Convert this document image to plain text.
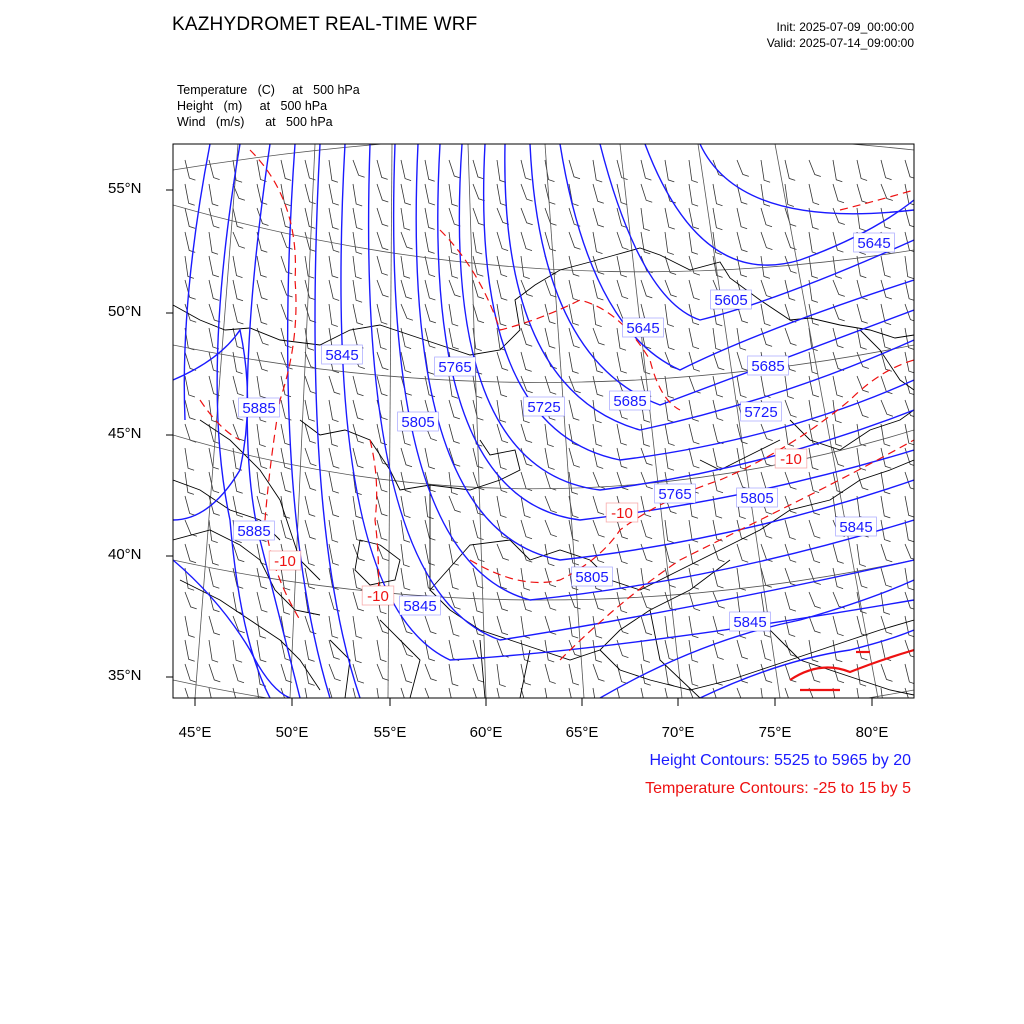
KAZHYDROMET REAL-TIME WRF	Init: 2025-07-09_00:00:00
Valid: 2025-07-14_09:00:00
Temperature   (C)     at   500 hPa
Height   (m)     at   500 hPa
Wind   (m/s)      at   500 hPa
5645
5605
5645
5845
5765	5685
5885
5805
5725	5685
5725
5765	5805
5885	5845
5805
5845
5845
-10
-10
-10
-10
55°N
50°N
45°N
40°N
35°N
45°E	50°E	55°E	60°E	65°E	70°E	75°E	80°E
Height Contours: 5525 to 5965 by 20
Temperature Contours: -25 to 15 by 5
